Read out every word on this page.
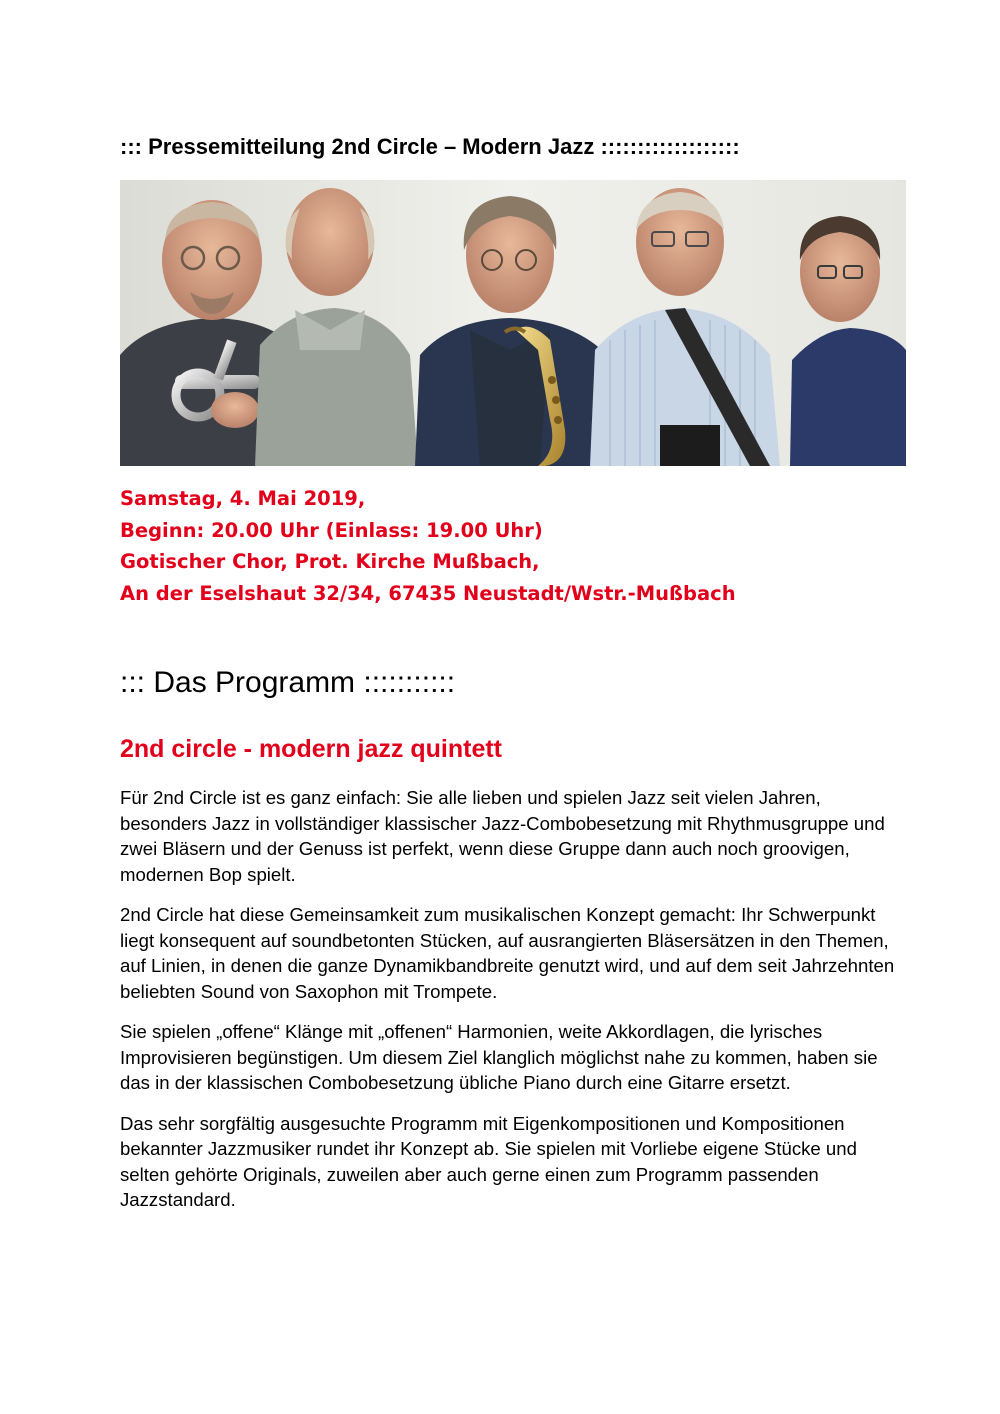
::: Pressemitteilung 2nd Circle – Modern Jazz :::::::::::::::::::
Samstag, 4. Mai 2019,
Beginn: 20.00 Uhr (Einlass: 19.00 Uhr)
Gotischer Chor, Prot. Kirche Mußbach,
An der Eselshaut 32/34, 67435 Neustadt/Wstr.-Mußbach
::: Das Programm :::::::::::
2nd circle - modern jazz quintett

Für 2nd Circle ist es ganz einfach: Sie alle lieben und spielen Jazz seit vielen Jahren, besonders Jazz in vollständiger klassischer Jazz-Combobesetzung mit Rhythmusgruppe und zwei Bläsern und der Genuss ist perfekt, wenn diese Gruppe dann auch noch groovigen, modernen Bop spielt.

2nd Circle hat diese Gemeinsamkeit zum musikalischen Konzept gemacht: Ihr Schwerpunkt liegt konsequent auf soundbetonten Stücken, auf ausrangierten Bläsersätzen in den Themen, auf Linien, in denen die ganze Dynamikbandbreite genutzt wird, und auf dem seit Jahrzehnten beliebten Sound von Saxophon mit Trompete.

Sie spielen „offene“ Klänge mit „offenen“ Harmonien, weite Akkordlagen, die lyrisches Improvisieren begünstigen. Um diesem Ziel klanglich möglichst nahe zu kommen, haben sie das in der klassischen Combobesetzung übliche Piano durch eine Gitarre ersetzt.

Das sehr sorgfältig ausgesuchte Programm mit Eigenkompositionen und Kompositionen bekannter Jazzmusiker rundet ihr Konzept ab. Sie spielen mit Vorliebe eigene Stücke und selten gehörte Originals, zuweilen aber auch gerne einen zum Programm passenden Jazzstandard.
